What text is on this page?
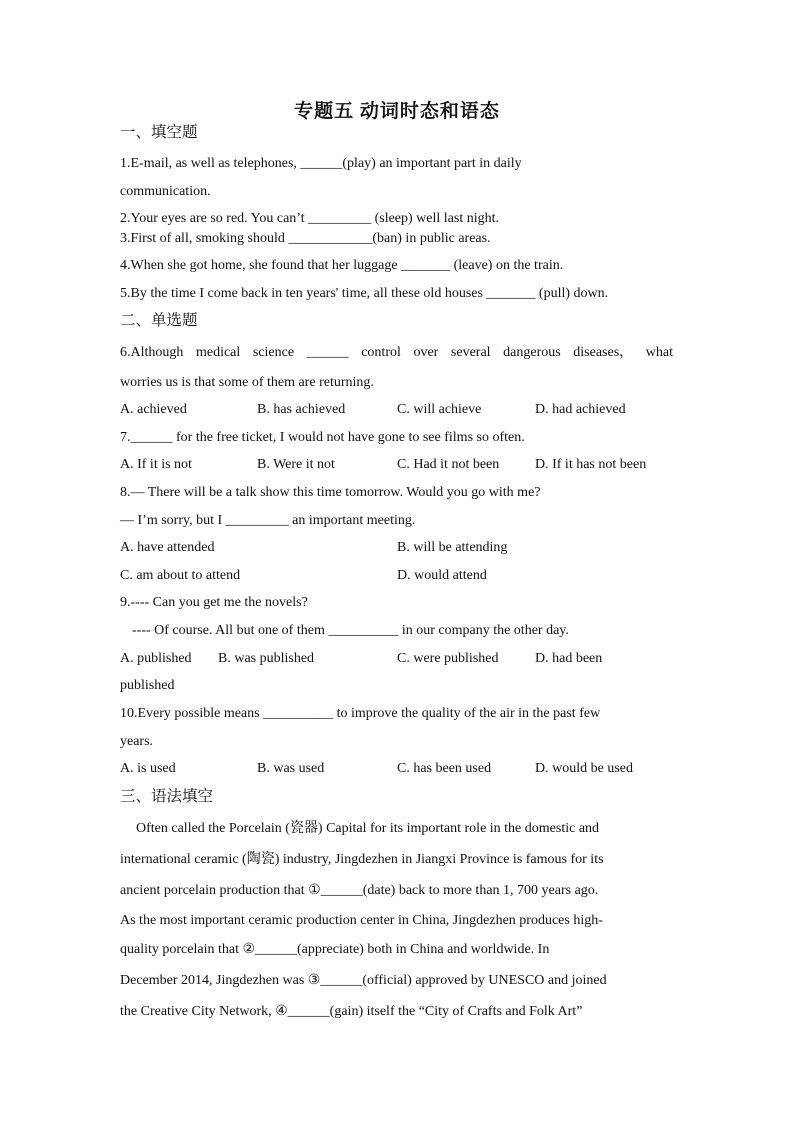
专题五 动词时态和语态
一、填空题
1.E-mail, as well as telephones, ______(play) an important part in daily
communication.
2.Your eyes are so red. You can’t _________ (sleep) well last night.
3.First of all, smoking should ____________(ban) in public areas.
4.When she got home, she found that her luggage _______ (leave) on the train.
5.By the time I come back in ten years' time, all these old houses _______ (pull) down.
二、单选题
6.Although medical science ______ control over several dangerous diseases， what
worries us is that some of them are returning.
A. achieved	B. has achieved	C. will achieve	D. had achieved
7.______ for the free ticket, I would not have gone to see films so often.
A. If it is not	B. Were it not	C. Had it not been	D. If it has not been
8.— There will be a talk show this time tomorrow. Would you go with me?
— I’m sorry, but I _________ an important meeting.
A. have attended	B. will be attending
C. am about to attend	D. would attend
9.---- Can you get me the novels?
---- Of course. All but one of them __________ in our company the other day.
A. published B. was published	C. were published	D. had been
published
10.Every possible means __________ to improve the quality of the air in the past few
years.
A. is used	B. was used	C. has been used	D. would be used
三、语法填空
Often called the Porcelain (瓷器) Capital for its important role in the domestic and
international ceramic (陶瓷) industry, Jingdezhen in Jiangxi Province is famous for its
ancient porcelain production that ①______(date) back to more than 1, 700 years ago.
As the most important ceramic production center in China, Jingdezhen produces high-
quality porcelain that ②______(appreciate) both in China and worldwide. In
December 2014, Jingdezhen was ③______(official) approved by UNESCO and joined
the Creative City Network, ④______(gain) itself the “City of Crafts and Folk Art”
